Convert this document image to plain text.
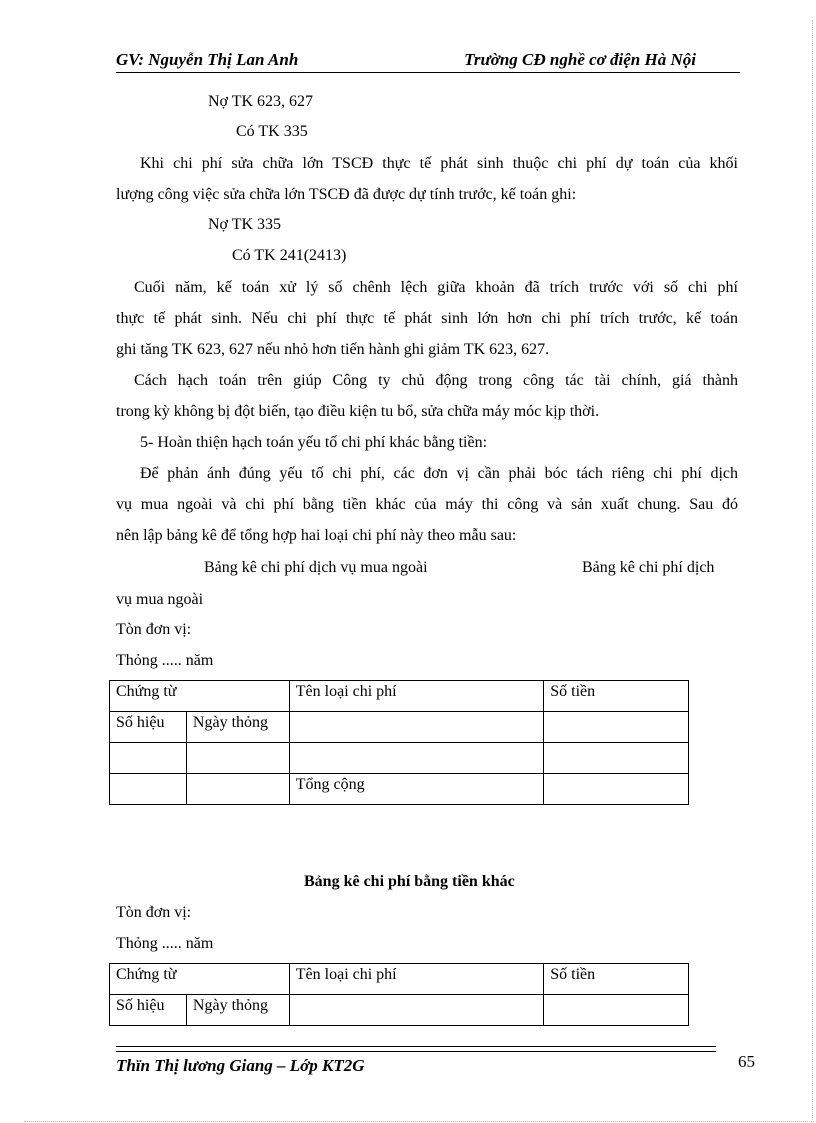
GV: Nguyễn Thị Lan Anh	Trường CĐ nghề cơ điện Hà Nội
Nợ TK 623, 627
Có TK 335
Khi chi phí sửa chữa lớn TSCĐ thực tế phát sinh thuộc chi phí dự toán của khối
lượng công việc sửa chữa lớn TSCĐ đã được dự tính trước, kế toán ghi:
Nợ TK 335
Có TK 241(2413)
Cuối năm, kế toán xử lý số chênh lệch giữa khoản đã trích trước với số chi phí
thực tế phát sinh. Nếu chi phí thực tế phát sinh lớn hơn chi phí trích trước, kế toán
ghi tăng TK 623, 627 nếu nhỏ hơn tiến hành ghi giảm TK 623, 627.
Cách hạch toán trên giúp Công ty chủ động trong công tác tài chính, giá thành
trong kỳ không bị đột biến, tạo điều kiện tu bổ, sửa chữa máy móc kịp thời.
5- Hoàn thiện hạch toán yếu tố chi phí khác bằng tiền:
Để phản ánh đúng yếu tố chi phí, các đơn vị cần phải bóc tách riêng chi phí dịch
vụ mua ngoài và chi phí bằng tiền khác của máy thi công và sản xuất chung. Sau đó
nên lập bảng kê để tổng hợp hai loại chi phí này theo mẫu sau:
Bảng kê chi phí dịch vụ mua ngoài	Bảng kê chi phí dịch
vụ mua ngoài
Tòn đơn vị:
Thỏng ..... năm
Chứng từ		Tên loại chi phí	Số tiền
Số hiệu	Ngày thỏng		

		Tổng cộng	
Bảng kê chi phí bằng tiền khác
Tòn đơn vị:
Thỏng ..... năm
Chứng từ		Tên loại chi phí	Số tiền
Số hiệu	Ngày thỏng		
Thïn Thị lương Giang – Lớp KT2G	65
